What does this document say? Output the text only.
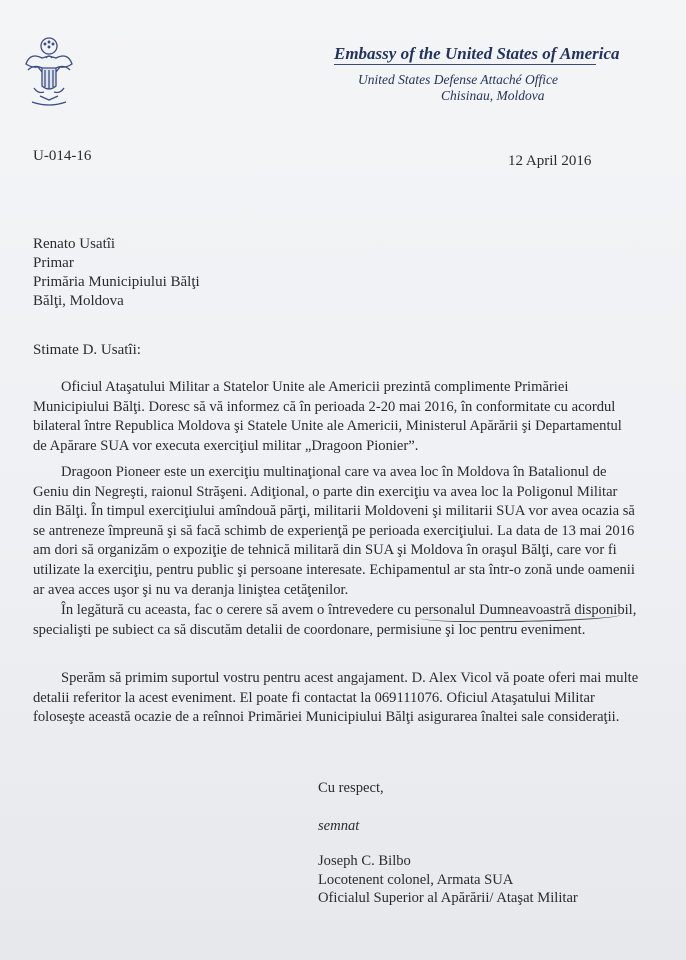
Embassy of the United States of America
United States Defense Attaché Office
Chisinau, Moldova
U-014-16	12 April 2016
Renato Usatîi
Primar
Primăria Municipiului Bălţi
Bălţi, Moldova
Stimate D. Usatîi:
Oficiul Ataşatului Militar a Statelor Unite ale Americii prezintă complimente Primăriei Municipiului Bălţi. Doresc să vă informez că în perioada 2-20 mai 2016, în conformitate cu acordul bilateral între Republica Moldova şi Statele Unite ale Americii, Ministerul Apărării şi Departamentul de Apărare SUA vor executa exerciţiul militar „Dragoon Pionier”.
Dragoon Pioneer este un exerciţiu multinaţional care va avea loc în Moldova în Batalionul de Geniu din Negreşti, raionul Străşeni. Adiţional, o parte din exerciţiu va avea loc la Poligonul Militar din Bălţi. În timpul exerciţiului amîndouă părţi, militarii Moldoveni şi militarii SUA vor avea ocazia să se antreneze împreună şi să facă schimb de experienţă pe perioada exerciţiului. La data de 13 mai 2016 am dori să organizăm o expoziţie de tehnică militară din SUA şi Moldova în oraşul Bălţi, care vor fi utilizate la exerciţiu, pentru public şi persoane interesate. Echipamentul ar sta într-o zonă unde oamenii ar avea acces uşor şi nu va deranja liniştea cetăţenilor.
În legătură cu aceasta, fac o cerere să avem o întrevedere cu personalul Dumneavoastră disponibil, specialişti pe subiect ca să discutăm detalii de coordonare, permisiune şi loc pentru eveniment.
Sperăm să primim suportul vostru pentru acest angajament. D. Alex Vicol vă poate oferi mai multe detalii referitor la acest eveniment. El poate fi contactat la 069111076. Oficiul Ataşatului Militar foloseşte această ocazie de a reînnoi Primăriei Municipiului Bălţi asigurarea înaltei sale consideraţii.
Cu respect,
semnat
Joseph C. Bilbo
Locotenent colonel, Armata SUA
Oficialul Superior al Apărării/ Ataşat Militar
